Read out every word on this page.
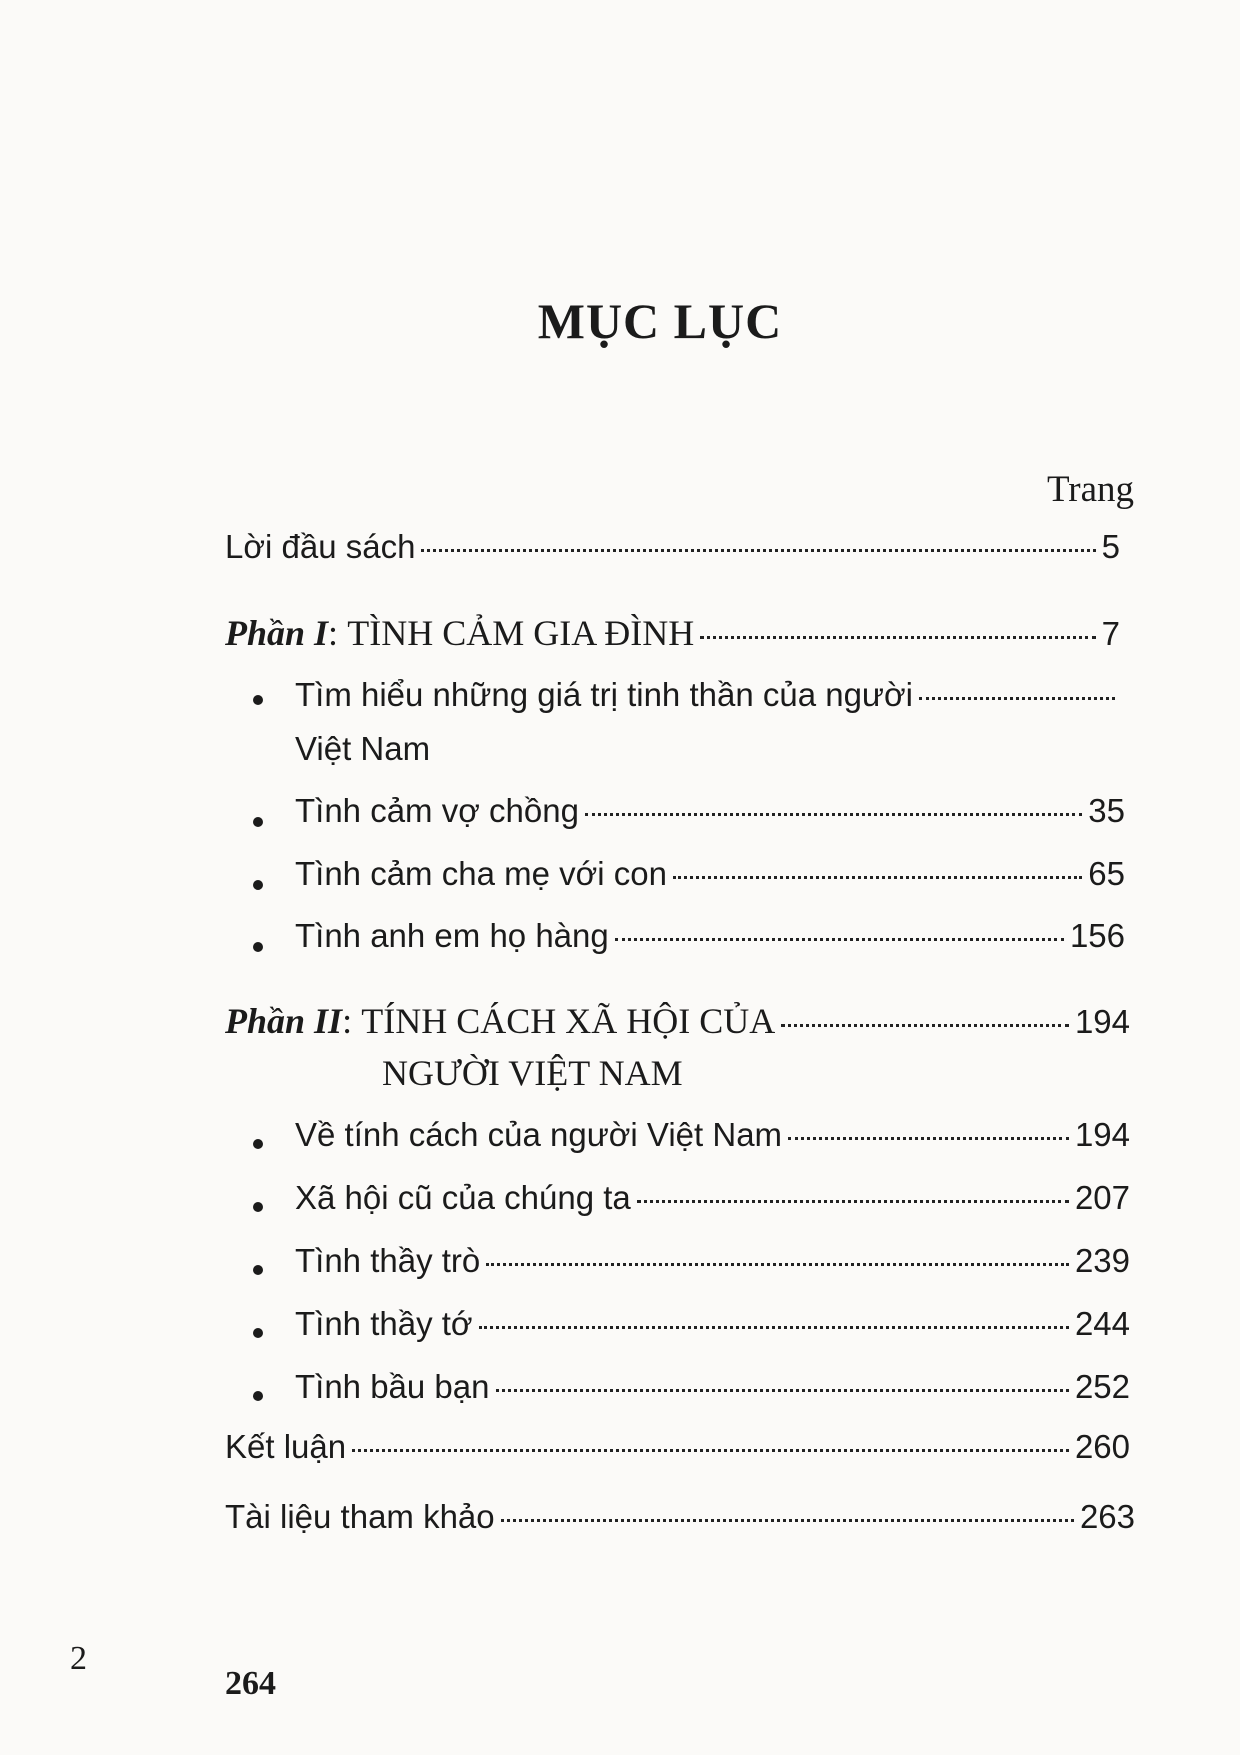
MỤC LỤC
Trang
Lời đầu sách	5
Phần I: TÌNH CẢM GIA ĐÌNH	7
Tìm hiểu những giá trị tinh thần của người
Việt Nam
Tình cảm vợ chồng	35
Tình cảm cha mẹ với con	65
Tình anh em họ hàng	156
Phần II: TÍNH CÁCH XÃ HỘI CỦA	194
NGƯỜI VIỆT NAM
Về tính cách của người Việt Nam	194
Xã hội cũ của chúng ta	207
Tình thầy trò	239
Tình thầy tớ	244
Tình bầu bạn	252
Kết luận	260
Tài liệu tham khảo	263
2
264
